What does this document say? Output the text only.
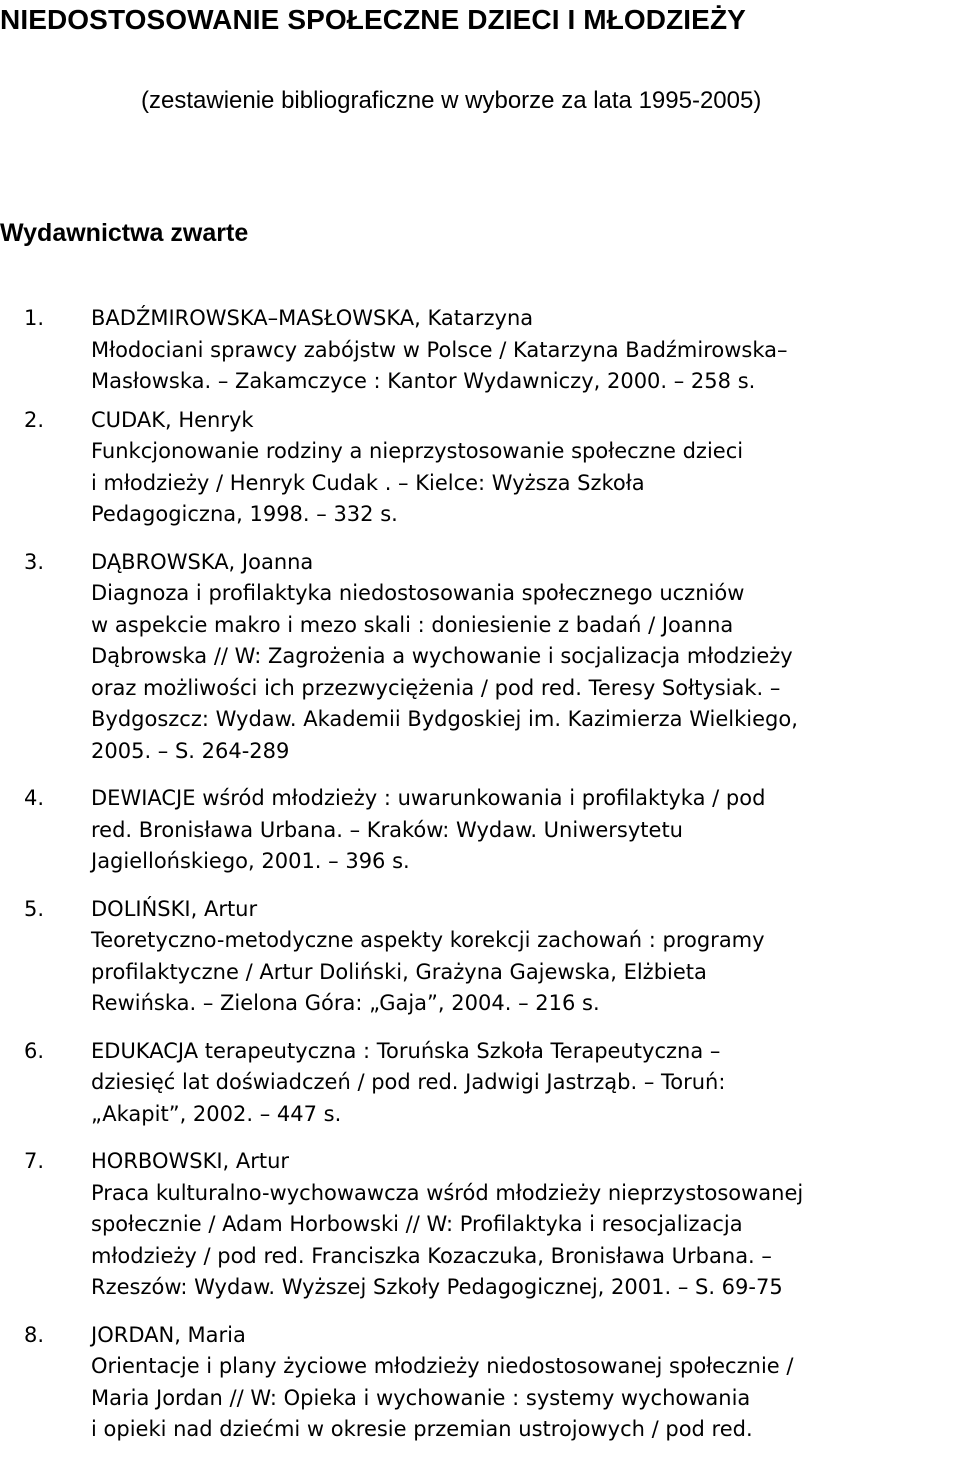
NIEDOSTOSOWANIE SPOŁECZNE DZIECI I MŁODZIEŻY

(zestawienie bibliograficzne w wyborze za lata 1995-2005)

Wydawnictwa zwarte
1. BADŹMIROWSKA–MASŁOWSKA, Katarzyna
Młodociani sprawcy zabójstw w Polsce / Katarzyna Badźmirowska–
Masłowska. – Zakamczyce : Kantor Wydawniczy, 2000. – 258 s.
2. CUDAK, Henryk
Funkcjonowanie rodziny a nieprzystosowanie społeczne dzieci
i młodzieży / Henryk Cudak . – Kielce: Wyższa Szkoła
Pedagogiczna, 1998. – 332 s.
3. DĄBROWSKA, Joanna
Diagnoza i profilaktyka niedostosowania społecznego uczniów
w aspekcie makro i mezo skali : doniesienie z badań / Joanna
Dąbrowska // W: Zagrożenia a wychowanie i socjalizacja młodzieży
oraz możliwości ich przezwyciężenia / pod red. Teresy Sołtysiak. –
Bydgoszcz: Wydaw. Akademii Bydgoskiej im. Kazimierza Wielkiego,
2005. – S. 264-289
4. DEWIACJE wśród młodzieży : uwarunkowania i profilaktyka / pod
red. Bronisława Urbana. – Kraków: Wydaw. Uniwersytetu
Jagiellońskiego, 2001. – 396 s.
5. DOLIŃSKI, Artur
Teoretyczno-metodyczne aspekty korekcji zachowań : programy
profilaktyczne / Artur Doliński, Grażyna Gajewska, Elżbieta
Rewińska. – Zielona Góra: „Gaja”, 2004. – 216 s.
6. EDUKACJA terapeutyczna : Toruńska Szkoła Terapeutyczna –
dziesięć lat doświadczeń / pod red. Jadwigi Jastrząb. – Toruń:
„Akapit”, 2002. – 447 s.
7. HORBOWSKI, Artur
Praca kulturalno-wychowawcza wśród młodzieży nieprzystosowanej
społecznie / Adam Horbowski // W: Profilaktyka i resocjalizacja
młodzieży / pod red. Franciszka Kozaczuka, Bronisława Urbana. –
Rzeszów: Wydaw. Wyższej Szkoły Pedagogicznej, 2001. – S. 69-75
8. JORDAN, Maria
Orientacje i plany życiowe młodzieży niedostosowanej społecznie /
Maria Jordan // W: Opieka i wychowanie : systemy wychowania
i opieki nad dziećmi w okresie przemian ustrojowych / pod red.
